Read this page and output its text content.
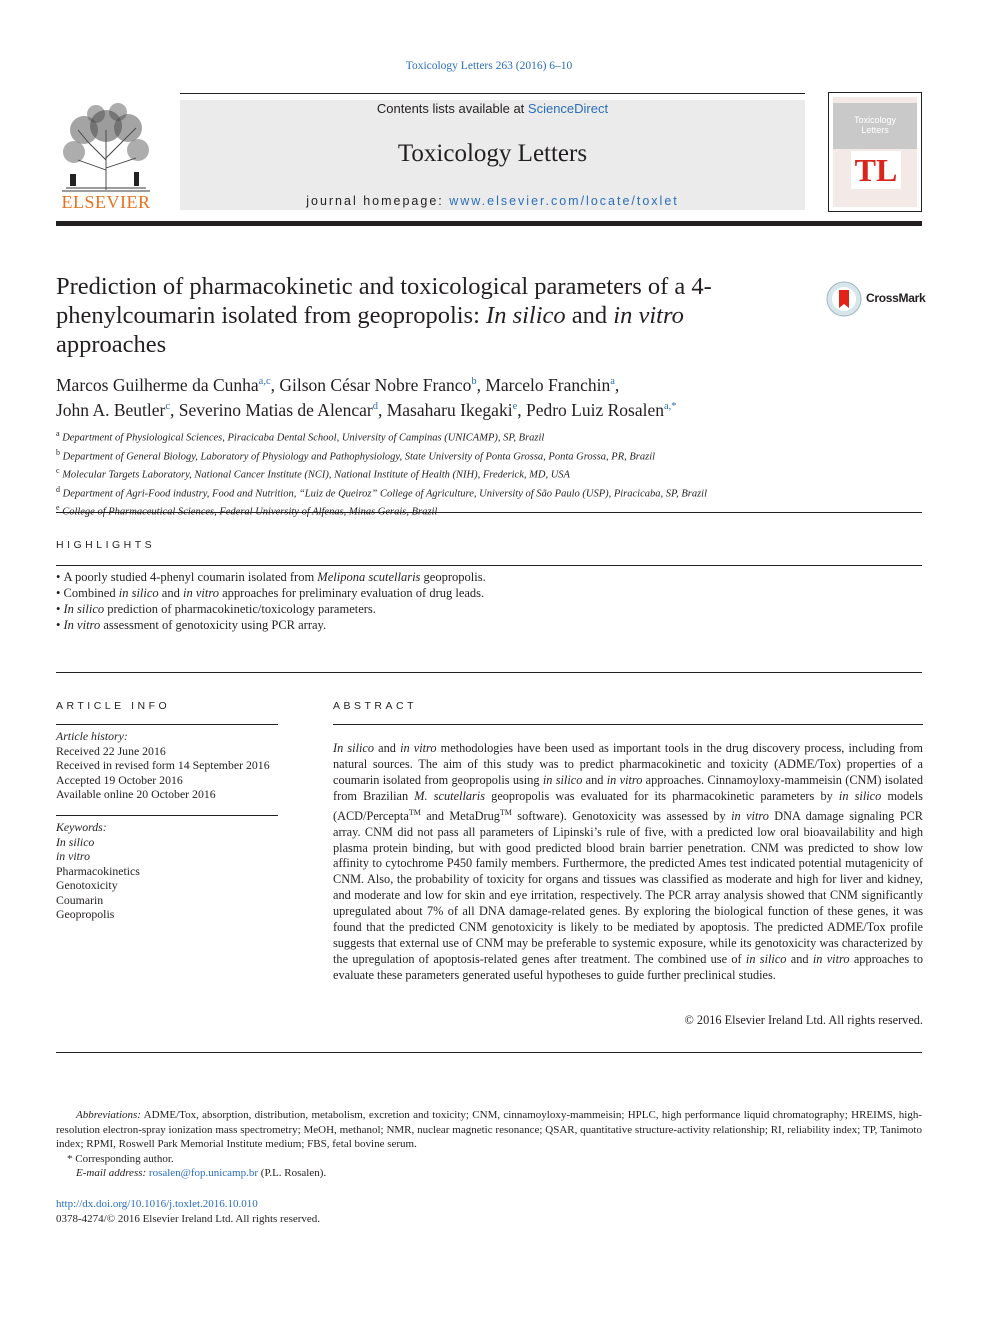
Toxicology Letters 263 (2016) 6–10
ELSEVIER
Contents lists available at ScienceDirect
Toxicology Letters
journal homepage: www.elsevier.com/locate/toxlet
Toxicology
Letters
TL
Prediction of pharmacokinetic and toxicological parameters of a 4-phenylcoumarin isolated from geopropolis: In silico and in vitro approaches
CrossMark
Marcos Guilherme da Cunha$^{a,c}$, Gilson César Nobre Franco$^b$, Marcelo Franchin$^a$,
John A. Beutler$^c$, Severino Matias de Alencar$^d$, Masaharu Ikegaki$^e$, Pedro Luiz Rosalen$^{a,*}$
$^a$ Department of Physiological Sciences, Piracicaba Dental School, University of Campinas (UNICAMP), SP, Brazil
$^b$ Department of General Biology, Laboratory of Physiology and Pathophysiology, State University of Ponta Grossa, Ponta Grossa, PR, Brazil
$^c$ Molecular Targets Laboratory, National Cancer Institute (NCI), National Institute of Health (NIH), Frederick, MD, USA
$^d$ Department of Agri-Food industry, Food and Nutrition, “Luiz de Queiroz” College of Agriculture, University of São Paulo (USP), Piracicaba, SP, Brazil
$^e$ College of Pharmaceutical Sciences, Federal University of Alfenas, Minas Gerais, Brazil
HIGHLIGHTS
• A poorly studied 4-phenyl coumarin isolated from Melipona scutellaris geopropolis.
• Combined in silico and in vitro approaches for preliminary evaluation of drug leads.
• In silico prediction of pharmacokinetic/toxicology parameters.
• In vitro assessment of genotoxicity using PCR array.
ARTICLE INFO
Article history:
Received 22 June 2016
Received in revised form 14 September 2016
Accepted 19 October 2016
Available online 20 October 2016
Keywords:
In silico
in vitro
Pharmacokinetics
Genotoxicity
Coumarin
Geopropolis
ABSTRACT
In silico and in vitro methodologies have been used as important tools in the drug discovery process, including from natural sources. The aim of this study was to predict pharmacokinetic and toxicity (ADME/Tox) properties of a coumarin isolated from geopropolis using in silico and in vitro approaches. Cinnamoyloxy-mammeisin (CNM) isolated from Brazilian M. scutellaris geopropolis was evaluated for its pharmacokinetic parameters by in silico models (ACD/Percepta™ and MetaDrug™ software). Genotoxicity was assessed by in vitro DNA damage signaling PCR array. CNM did not pass all parameters of Lipinski’s rule of five, with a predicted low oral bioavailability and high plasma protein binding, but with good predicted blood brain barrier penetration. CNM was predicted to show low affinity to cytochrome P450 family members. Furthermore, the predicted Ames test indicated potential mutagenicity of CNM. Also, the probability of toxicity for organs and tissues was classified as moderate and high for liver and kidney, and moderate and low for skin and eye irritation, respectively. The PCR array analysis showed that CNM significantly upregulated about 7% of all DNA damage-related genes. By exploring the biological function of these genes, it was found that the predicted CNM genotoxicity is likely to be mediated by apoptosis. The predicted ADME/Tox profile suggests that external use of CNM may be preferable to systemic exposure, while its genotoxicity was characterized by the upregulation of apoptosis-related genes after treatment. The combined use of in silico and in vitro approaches to evaluate these parameters generated useful hypotheses to guide further preclinical studies.
© 2016 Elsevier Ireland Ltd. All rights reserved.
Abbreviations: ADME/Tox, absorption, distribution, metabolism, excretion and toxicity; CNM, cinnamoyloxy-mammeisin; HPLC, high performance liquid chromatography; HREIMS, high-resolution electron-spray ionization mass spectrometry; MeOH, methanol; NMR, nuclear magnetic resonance; QSAR, quantitative structure-activity relationship; RI, reliability index; TP, Tanimoto index; RPMI, Roswell Park Memorial Institute medium; FBS, fetal bovine serum.
* Corresponding author.
E-mail address: rosalen@fop.unicamp.br (P.L. Rosalen).
http://dx.doi.org/10.1016/j.toxlet.2016.10.010
0378-4274/© 2016 Elsevier Ireland Ltd. All rights reserved.
